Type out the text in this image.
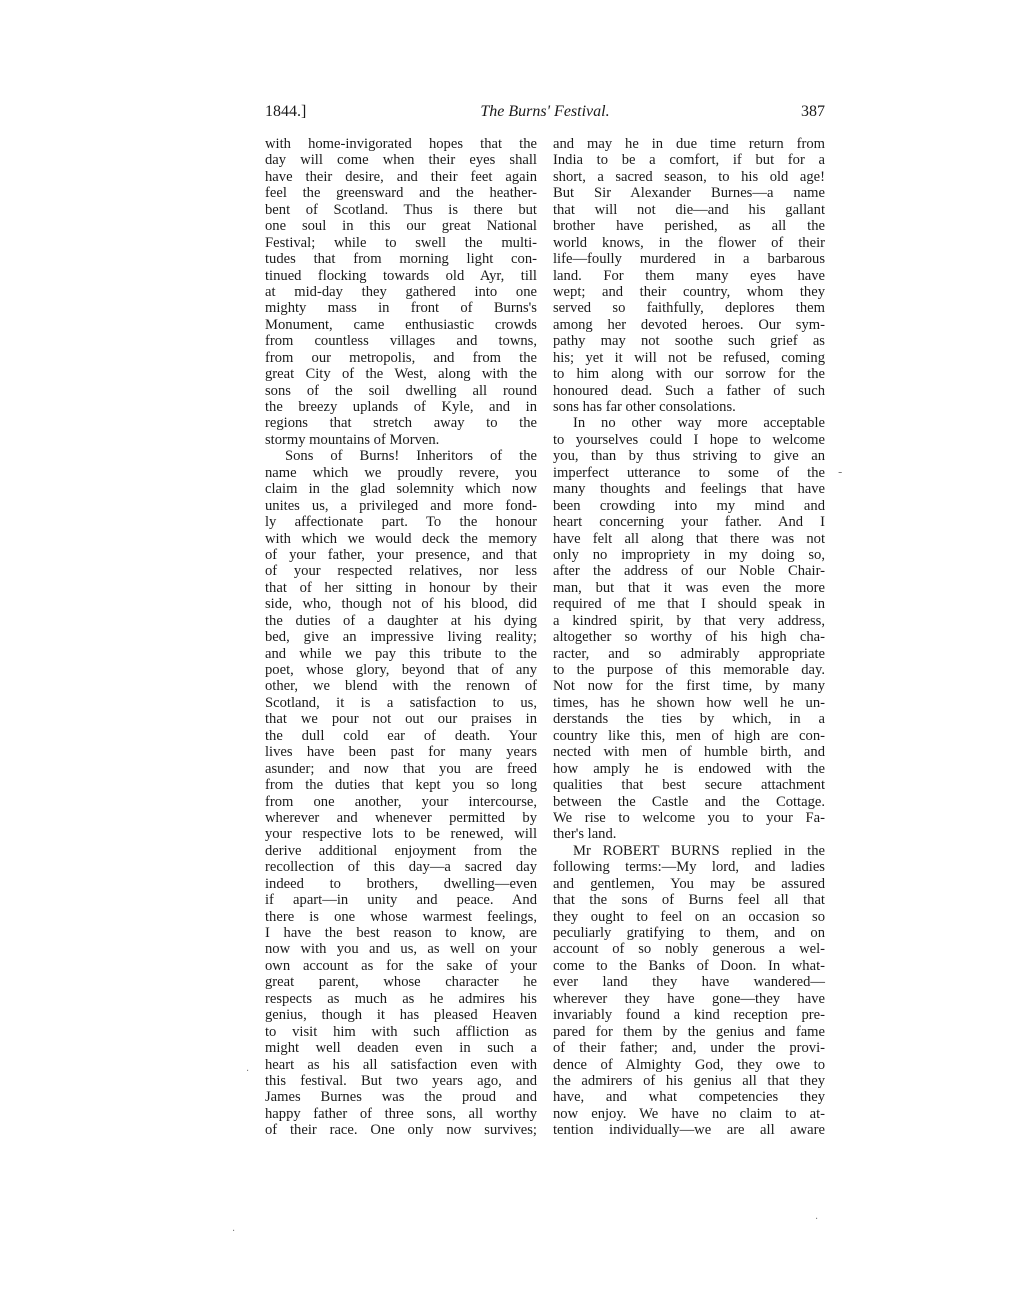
1844.]	The Burns' Festival.	387
with home-invigorated hopes that the
day will come when their eyes shall
have their desire, and their feet again
feel the greensward and the heather-
bent of Scotland. Thus is there but
one soul in this our great National
Festival; while to swell the multi-
tudes that from morning light con-
tinued flocking towards old Ayr, till
at mid-day they gathered into one
mighty mass in front of Burns's
Monument, came enthusiastic crowds
from countless villages and towns,
from our metropolis, and from the
great City of the West, along with the
sons of the soil dwelling all round
the breezy uplands of Kyle, and in
regions that stretch away to the
stormy mountains of Morven.
Sons of Burns! Inheritors of the
name which we proudly revere, you
claim in the glad solemnity which now
unites us, a privileged and more fond-
ly affectionate part. To the honour
with which we would deck the memory
of your father, your presence, and that
of your respected relatives, nor less
that of her sitting in honour by their
side, who, though not of his blood, did
the duties of a daughter at his dying
bed, give an impressive living reality;
and while we pay this tribute to the
poet, whose glory, beyond that of any
other, we blend with the renown of
Scotland, it is a satisfaction to us,
that we pour not out our praises in
the dull cold ear of death. Your
lives have been past for many years
asunder; and now that you are freed
from the duties that kept you so long
from one another, your intercourse,
wherever and whenever permitted by
your respective lots to be renewed, will
derive additional enjoyment from the
recollection of this day—a sacred day
indeed to brothers, dwelling—even
if apart—in unity and peace. And
there is one whose warmest feelings,
I have the best reason to know, are
now with you and us, as well on your
own account as for the sake of your
great parent, whose character he
respects as much as he admires his
genius, though it has pleased Heaven
to visit him with such affliction as
might well deaden even in such a
heart as his all satisfaction even with
this festival. But two years ago, and
James Burnes was the proud and
happy father of three sons, all worthy
of their race. One only now survives;
and may he in due time return from
India to be a comfort, if but for a
short, a sacred season, to his old age!
But Sir Alexander Burnes—a name
that will not die—and his gallant
brother have perished, as all the
world knows, in the flower of their
life—foully murdered in a barbarous
land. For them many eyes have
wept; and their country, whom they
served so faithfully, deplores them
among her devoted heroes. Our sym-
pathy may not soothe such grief as
his; yet it will not be refused, coming
to him along with our sorrow for the
honoured dead. Such a father of such
sons has far other consolations.
In no other way more acceptable
to yourselves could I hope to welcome
you, than by thus striving to give an
imperfect utterance to some of the
many thoughts and feelings that have
been crowding into my mind and
heart concerning your father. And I
have felt all along that there was not
only no impropriety in my doing so,
after the address of our Noble Chair-
man, but that it was even the more
required of me that I should speak in
a kindred spirit, by that very address,
altogether so worthy of his high cha-
racter, and so admirably appropriate
to the purpose of this memorable day.
Not now for the first time, by many
times, has he shown how well he un-
derstands the ties by which, in a
country like this, men of high are con-
nected with men of humble birth, and
how amply he is endowed with the
qualities that best secure attachment
between the Castle and the Cottage.
We rise to welcome you to your Fa-
ther's land.
Mr ROBERT BURNS replied in the
following terms:—My lord, and ladies
and gentlemen, You may be assured
that the sons of Burns feel all that
they ought to feel on an occasion so
peculiarly gratifying to them, and on
account of so nobly generous a wel-
come to the Banks of Doon. In what-
ever land they have wandered—
wherever they have gone—they have
invariably found a kind reception pre-
pared for them by the genius and fame
of their father; and, under the provi-
dence of Almighty God, they owe to
the admirers of his genius all that they
have, and what competencies they
now enjoy. We have no claim to at-
tention individually—we are all aware
-
·
·
·
